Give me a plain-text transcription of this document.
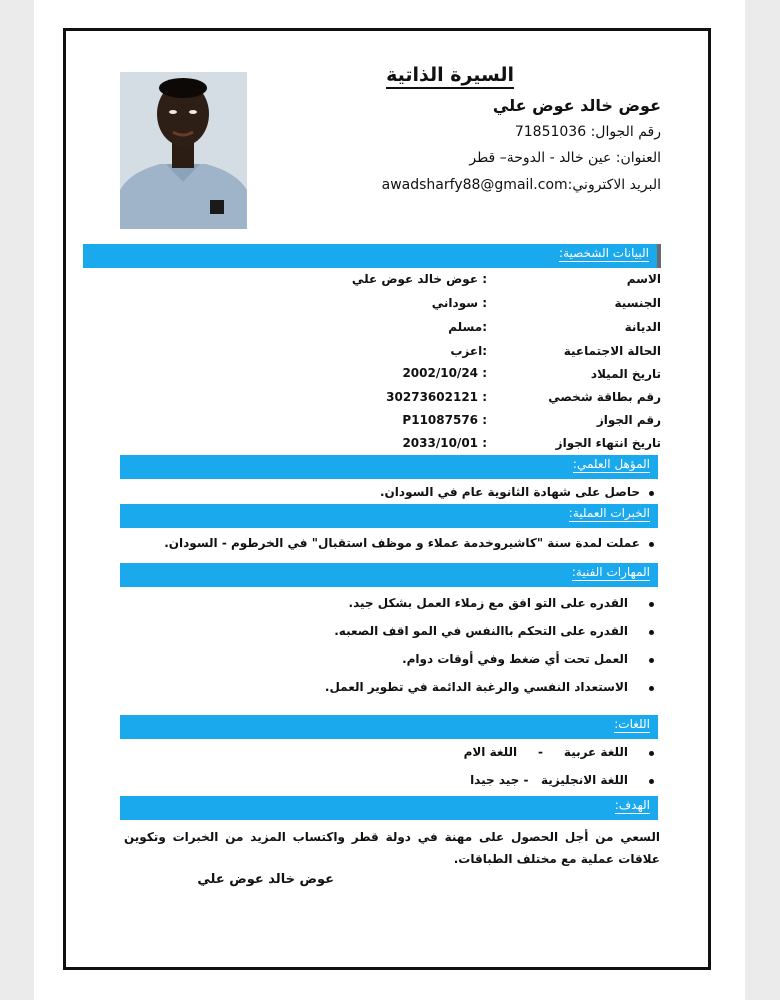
السيرة الذاتية
عوض خالد عوض علي
رقم الجوال: 71851036
العنوان: عين خالد - الدوحة– قطر
البريد الاكتروني:awadsharfy88@gmail.com
البيانات الشخصية:
الاسم
: عوض خالد عوض علي
الجنسية
: سوداني
الديانة
:مسلم
الحالة الاجتماعية
:اعزب
تاريخ الميلاد
2002/10/24 :
رقم بطاقة شخصي
30273602121 :
رقم الجواز
P11087576 :
تاريخ انتهاء الجواز
2033/10/01 :
المؤهل العلمي:
حاصل على شهادة الثانوية عام في السودان.
الخبرات العملية:
عملت لمدة سنة "كاشيروخدمة عملاء و موظف استقبال" في الخرطوم - السودان.
المهارات الفنية:
القدره على التو افق مع زملاء العمل بشكل جيد.
القدره على التحكم باالنفس في المو اقف الصعبه.
العمل تحت أي ضغط وفي أوقات دوام.
الاستعداد النفسي والرغبة الدائمة في تطوير العمل.
اللغات:
اللغة عربية     -     اللغة الام
اللغة الانجليزية   - جيد جيدا
الهدف:
السعي من أجل الحصول على مهنة في دولة قطر واكتساب المزيد من الخبرات وتكوين علاقات عملية مع مختلف الطباقات.
عوض خالد عوض علي
